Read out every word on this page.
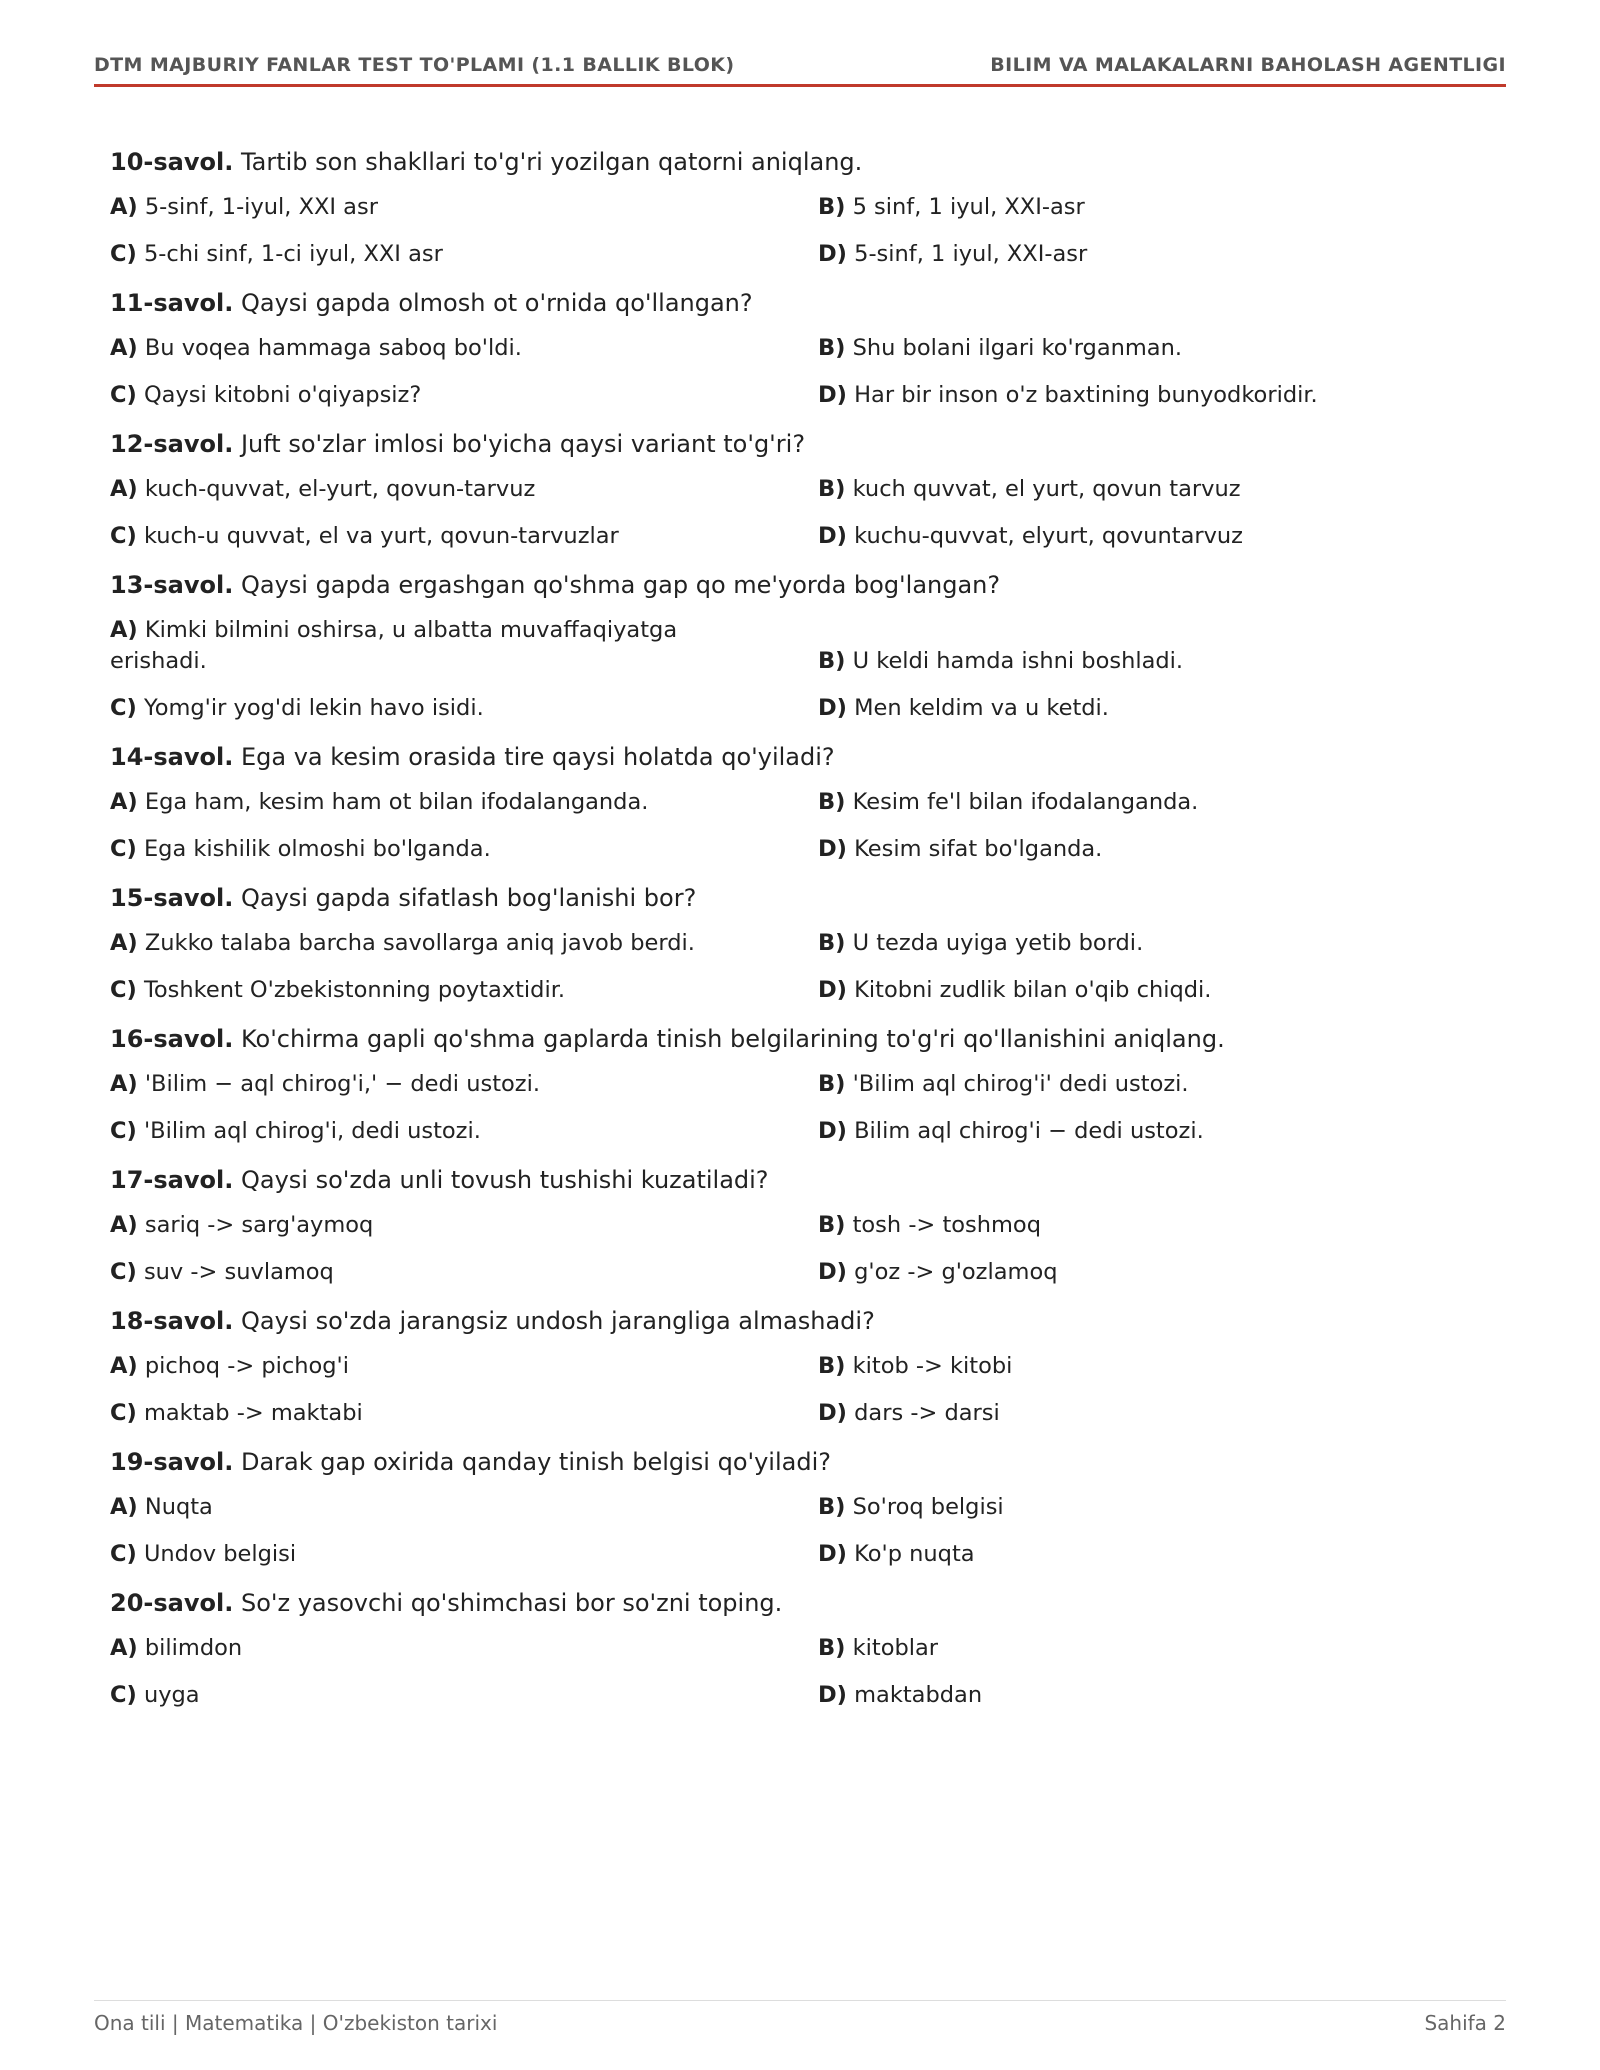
DTM MAJBURIY FANLAR TEST TO'PLAMI (1.1 BALLIK BLOK)	BILIM VA MALAKALARNI BAHOLASH AGENTLIGI
10-savol. Tartib son shakllari to'g'ri yozilgan qatorni aniqlang.
A) 5-sinf, 1-iyul, XXI asr	B) 5 sinf, 1 iyul, XXI-asr
C) 5-chi sinf, 1-ci iyul, XXI asr	D) 5-sinf, 1 iyul, XXI-asr
11-savol. Qaysi gapda olmosh ot o'rnida qo'llangan?
A) Bu voqea hammaga saboq bo'ldi.	B) Shu bolani ilgari ko'rganman.
C) Qaysi kitobni o'qiyapsiz?	D) Har bir inson o'z baxtining bunyodkoridir.
12-savol. Juft so'zlar imlosi bo'yicha qaysi variant to'g'ri?
A) kuch-quvvat, el-yurt, qovun-tarvuz	B) kuch quvvat, el yurt, qovun tarvuz
C) kuch-u quvvat, el va yurt, qovun-tarvuzlar	D) kuchu-quvvat, elyurt, qovuntarvuz
13-savol. Qaysi gapda ergashgan qo'shma gap qo me'yorda bog'langan?
A) Kimki bilmini oshirsa, u albatta muvaffaqiyatga erishadi.	B) U keldi hamda ishni boshladi.
C) Yomg'ir yog'di lekin havo isidi.	D) Men keldim va u ketdi.
14-savol. Ega va kesim orasida tire qaysi holatda qo'yiladi?
A) Ega ham, kesim ham ot bilan ifodalanganda.	B) Kesim fe'l bilan ifodalanganda.
C) Ega kishilik olmoshi bo'lganda.	D) Kesim sifat bo'lganda.
15-savol. Qaysi gapda sifatlash bog'lanishi bor?
A) Zukko talaba barcha savollarga aniq javob berdi.	B) U tezda uyiga yetib bordi.
C) Toshkent O'zbekistonning poytaxtidir.	D) Kitobni zudlik bilan o'qib chiqdi.
16-savol. Ko'chirma gapli qo'shma gaplarda tinish belgilarining to'g'ri qo'llanishini aniqlang.
A) 'Bilim − aql chirog'i,' − dedi ustozi.	B) 'Bilim aql chirog'i' dedi ustozi.
C) 'Bilim aql chirog'i, dedi ustozi.	D) Bilim aql chirog'i − dedi ustozi.
17-savol. Qaysi so'zda unli tovush tushishi kuzatiladi?
A) sariq -> sarg'aymoq	B) tosh -> toshmoq
C) suv -> suvlamoq	D) g'oz -> g'ozlamoq
18-savol. Qaysi so'zda jarangsiz undosh jarangliga almashadi?
A) pichoq -> pichog'i	B) kitob -> kitobi
C) maktab -> maktabi	D) dars -> darsi
19-savol. Darak gap oxirida qanday tinish belgisi qo'yiladi?
A) Nuqta	B) So'roq belgisi
C) Undov belgisi	D) Ko'p nuqta
20-savol. So'z yasovchi qo'shimchasi bor so'zni toping.
A) bilimdon	B) kitoblar
C) uyga	D) maktabdan
Ona tili | Matematika | O'zbekiston tarixi	Sahifa 2
